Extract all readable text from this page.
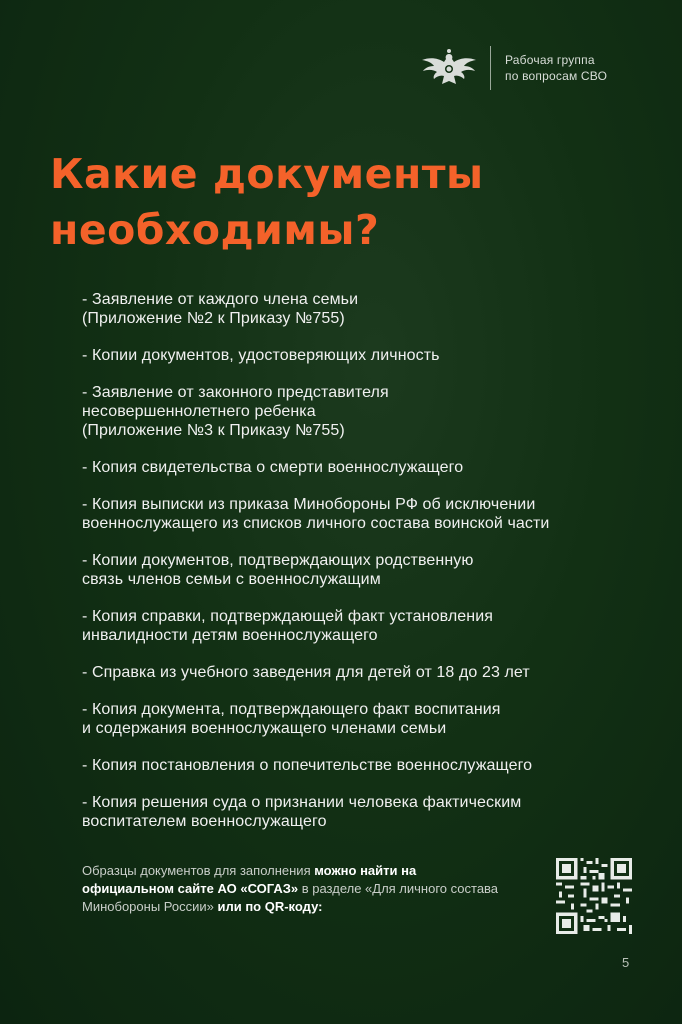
Рабочая группа
по вопросам СВО
Какие документы
необходимы?
- Заявление от каждого члена семьи
(Приложение №2 к Приказу №755)
- Копии документов, удостоверяющих личность
- Заявление от законного представителя
несовершеннолетнего ребенка
(Приложение №3 к Приказу №755)
- Копия свидетельства о смерти военнослужащего
- Копия выписки из приказа Минобороны РФ об исключении
военнослужащего из списков личного состава воинской части
- Копии документов, подтверждающих родственную
связь членов семьи с военнослужащим
- Копия справки, подтверждающей факт установления
инвалидности детям военнослужащего
- Справка из учебного заведения для детей от 18 до 23 лет
- Копия документа, подтверждающего факт воспитания
и содержания военнослужащего членами семьи
- Копия постановления о попечительстве военнослужащего
- Копия решения суда о признании человека фактическим
воспитателем военнослужащего
Образцы документов для заполнения можно найти на официальном сайте АО «СОГАЗ» в разделе «Для личного состава Минобороны России» или по QR-коду:
5
